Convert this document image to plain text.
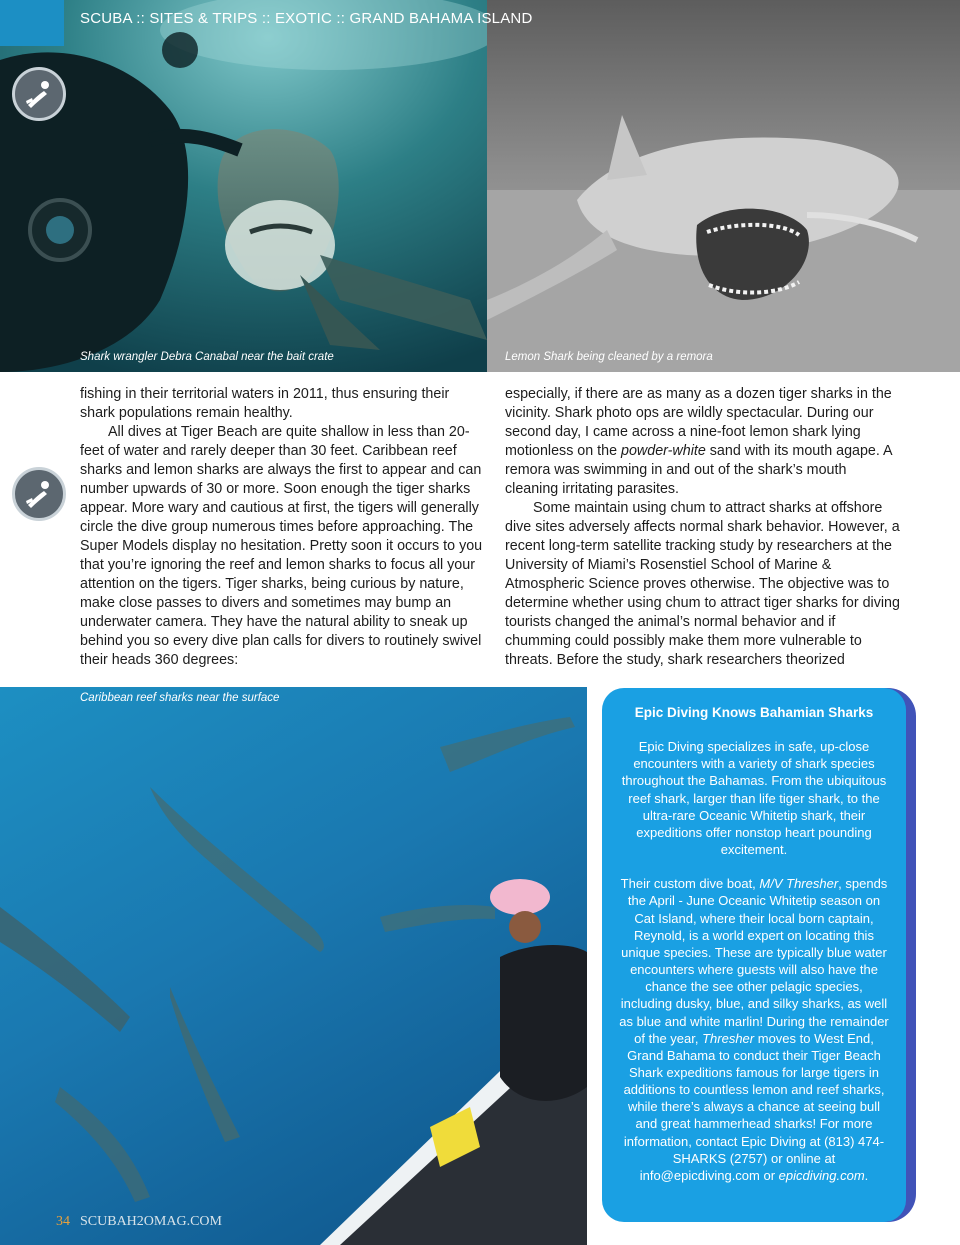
SCUBA :: SITES & TRIPS :: EXOTIC :: GRAND BAHAMA ISLAND
Shark wrangler Debra Canabal near the bait crate	Lemon Shark being cleaned by a remora

fishing in their territorial waters in 2011, thus ensuring their shark populations remain healthy.

All dives at Tiger Beach are quite shallow in less than 20-feet of water and rarely deeper than 30 feet. Caribbean reef sharks and lemon sharks are always the first to appear and can number upwards of 30 or more. Soon enough the tiger sharks appear. More wary and cautious at first, the tigers will generally circle the dive group numerous times before approaching. The Super Models display no hesitation. Pretty soon it occurs to you that you’re ignoring the reef and lemon sharks to focus all your attention on the tigers. Tiger sharks, being curious by nature, make close passes to divers and sometimes may bump an underwater camera. They have the natural ability to sneak up behind you so every dive plan calls for divers to routinely swivel their heads 360 degrees:

especially, if there are as many as a dozen tiger sharks in the vicinity. Shark photo ops are wildly spectacular. During our second day, I came across a nine-foot lemon shark lying motionless on the powder-white sand with its mouth agape. A remora was swimming in and out of the shark’s mouth cleaning irritating parasites.

Some maintain using chum to attract sharks at offshore dive sites adversely affects normal shark behavior. However, a recent long-term satellite tracking study by researchers at the University of Miami’s Rosenstiel School of Marine & Atmospheric Science proves otherwise. The objective was to determine whether using chum to attract tiger sharks for diving tourists changed the animal’s normal behavior and if chumming could possibly make them more vulnerable to threats. Before the study, shark researchers theorized

Caribbean reef sharks near the surface
Epic Diving Knows Bahamian Sharks

Epic Diving specializes in safe, up-close encounters with a variety of shark species throughout the Bahamas. From the ubiquitous reef shark, larger than life tiger shark, to the ultra-rare Oceanic Whitetip shark, their expeditions offer nonstop heart pounding excitement.

Their custom dive boat, M/V Thresher, spends the April - June Oceanic Whitetip season on Cat Island, where their local born captain, Reynold, is a world expert on locating this unique species. These are typically blue water encounters where guests will also have the chance the see other pelagic species, including dusky, blue, and silky sharks, as well as blue and white marlin! During the remainder of the year, Thresher moves to West End, Grand Bahama to conduct their Tiger Beach Shark expeditions famous for large tigers in additions to countless lemon and reef sharks, while there’s always a chance at seeing bull and great hammerhead sharks! For more information, contact Epic Diving at (813) 474-SHARKS (2757) or online at info@epicdiving.com or epicdiving.com.

34 SCUBAH2OMAG.COM
